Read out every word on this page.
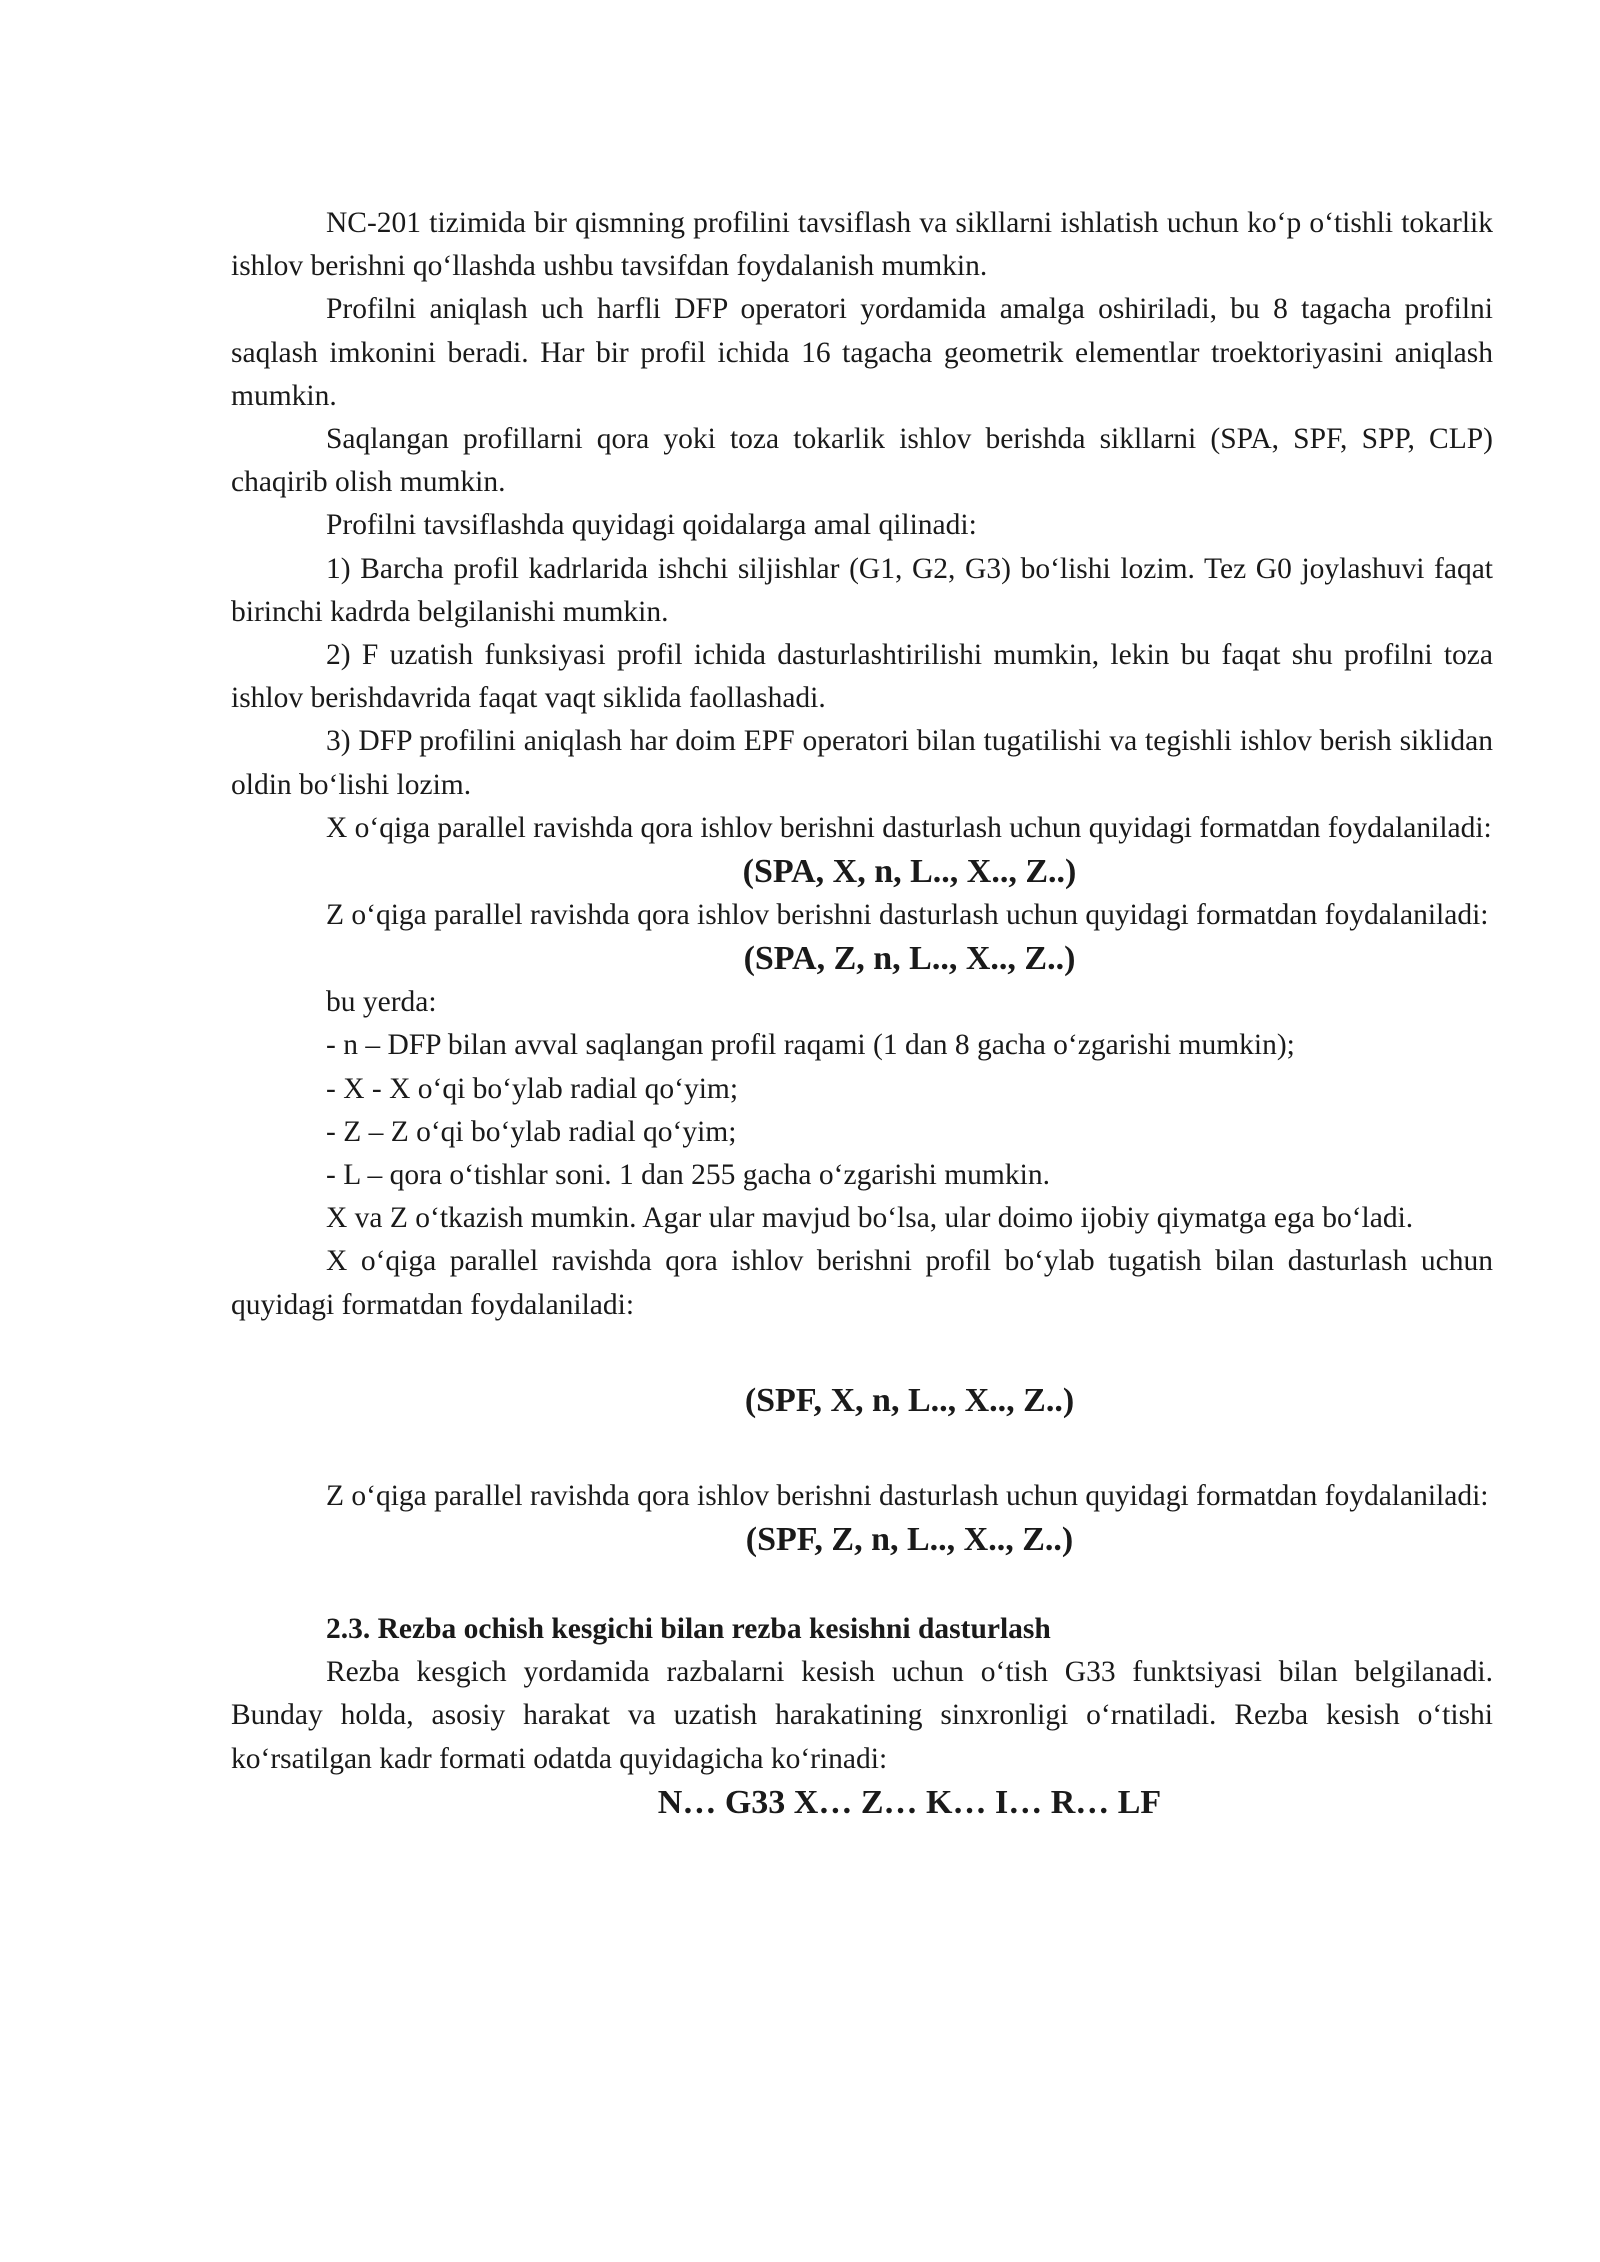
NC-201 tizimida bir qismning profilini tavsiflash va sikllarni ishlatish uchun ko‘p o‘tishli tokarlik ishlov berishni qo‘llashda ushbu tavsifdan foydalanish mumkin.

Profilni aniqlash uch harfli DFP operatori yordamida amalga oshiriladi, bu 8 tagacha profilni saqlash imkonini beradi. Har bir profil ichida 16 tagacha geometrik elementlar troektoriyasini aniqlash mumkin.

Saqlangan profillarni qora yoki toza tokarlik ishlov berishda sikllarni (SPA, SPF, SPP, CLP) chaqirib olish mumkin.

Profilni tavsiflashda quyidagi qoidalarga amal qilinadi:

1) Barcha profil kadrlarida ishchi siljishlar (G1, G2, G3) bo‘lishi lozim. Tez G0 joylashuvi faqat birinchi kadrda belgilanishi mumkin.

2) F uzatish funksiyasi profil ichida dasturlashtirilishi mumkin, lekin bu faqat shu profilni toza ishlov berishdavrida faqat vaqt siklida faollashadi.

3) DFP profilini aniqlash har doim EPF operatori bilan tugatilishi va tegishli ishlov berish siklidan oldin bo‘lishi lozim.

X o‘qiga parallel ravishda qora ishlov berishni dasturlash uchun quyidagi formatdan foydalaniladi:

(SPA, X, n, L.., X.., Z..)

Z o‘qiga parallel ravishda qora ishlov berishni dasturlash uchun quyidagi formatdan foydalaniladi:

(SPA, Z, n, L.., X.., Z..)

bu yerda:

- n – DFP bilan avval saqlangan profil raqami (1 dan 8 gacha o‘zgarishi mumkin);

- X - X o‘qi bo‘ylab radial qo‘yim;

- Z – Z o‘qi bo‘ylab radial qo‘yim;

- L – qora o‘tishlar soni. 1 dan 255 gacha o‘zgarishi mumkin.

X va Z o‘tkazish mumkin. Agar ular mavjud bo‘lsa, ular doimo ijobiy qiymatga ega bo‘ladi.

X o‘qiga parallel ravishda qora ishlov berishni profil bo‘ylab tugatish bilan dasturlash uchun quyidagi formatdan foydalaniladi:

(SPF, X, n, L.., X.., Z..)

Z o‘qiga parallel ravishda qora ishlov berishni dasturlash uchun quyidagi formatdan foydalaniladi:

(SPF, Z, n, L.., X.., Z..)

2.3. Rezba ochish kesgichi bilan rezba kesishni dasturlash

Rezba kesgich yordamida razbalarni kesish uchun o‘tish G33 funktsiyasi bilan belgilanadi. Bunday holda, asosiy harakat va uzatish harakatining sinxronligi o‘rnatiladi. Rezba kesish o‘tishi ko‘rsatilgan kadr formati odatda quyidagicha ko‘rinadi:

N… G33 X… Z… K… I… R… LF
